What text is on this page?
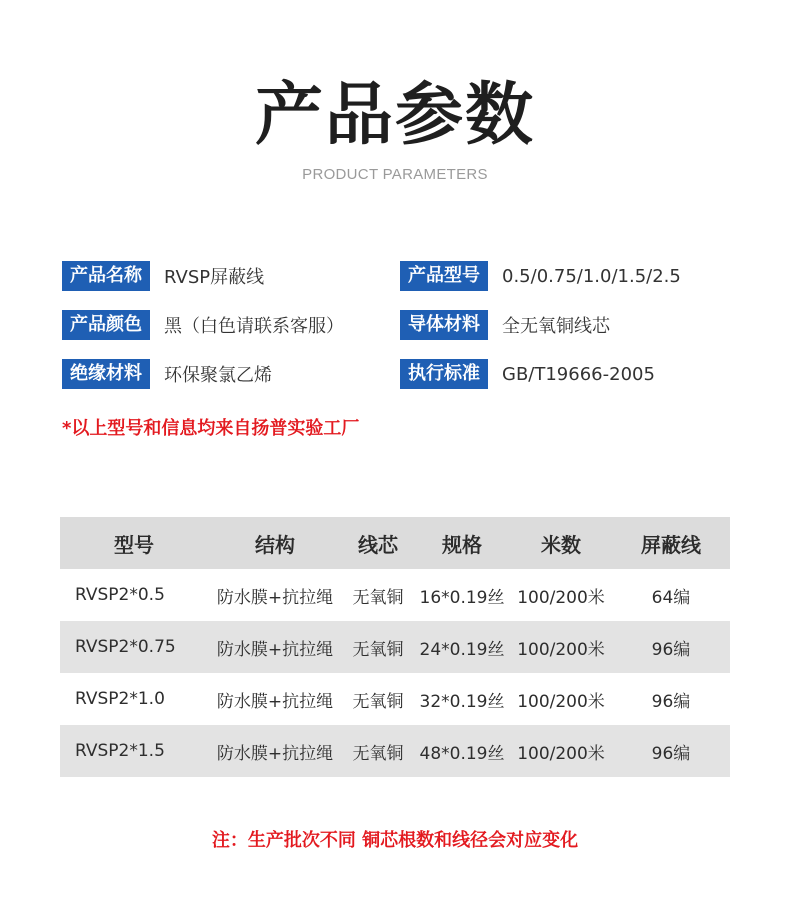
产品参数
PRODUCT PARAMETERS
产品名称	RVSP屏蔽线	产品型号	0.5/0.75/1.0/1.5/2.5
产品颜色	黑（白色请联系客服）	导体材料	全无氧铜线芯
绝缘材料	环保聚氯乙烯	执行标准	GB/T19666-2005
*以上型号和信息均来自扬普实验工厂
型号	结构	线芯	规格	米数	屏蔽线
RVSP2*0.5	防水膜+抗拉绳	无氧铜 16*0.19丝 100/200米	64编
RVSP2*0.75	防水膜+抗拉绳	无氧铜 24*0.19丝 100/200米	96编
RVSP2*1.0	防水膜+抗拉绳	无氧铜 32*0.19丝 100/200米	96编
RVSP2*1.5	防水膜+抗拉绳	无氧铜 48*0.19丝 100/200米	96编
注：生产批次不同 铜芯根数和线径会对应变化
